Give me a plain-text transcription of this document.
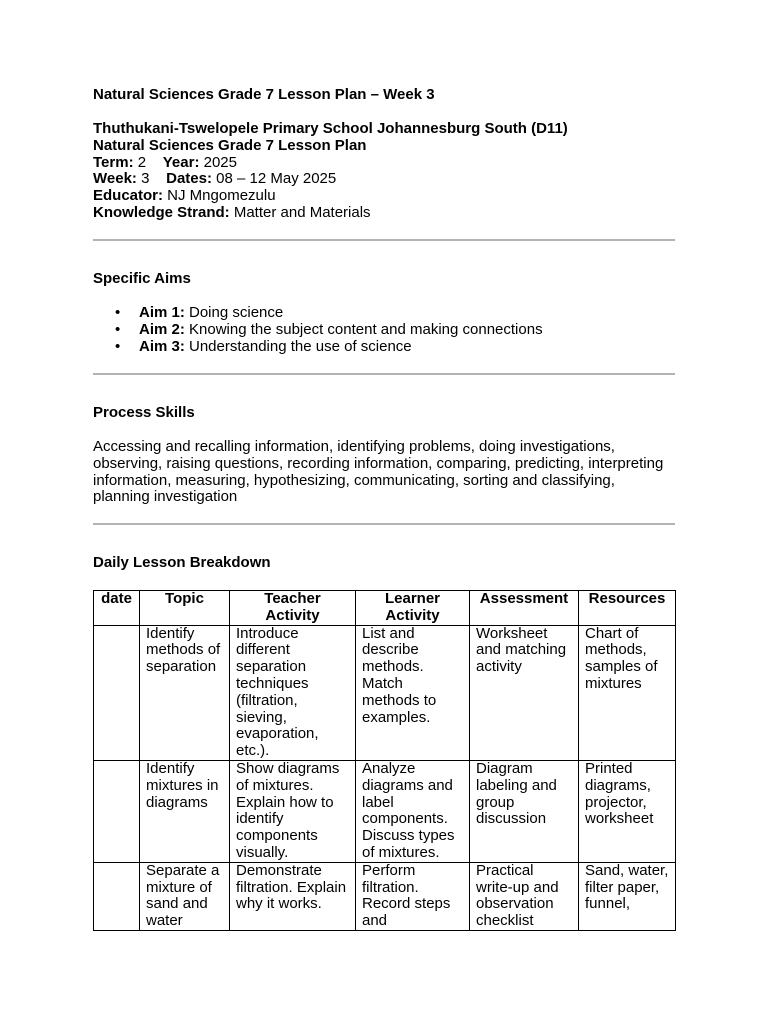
Natural Sciences Grade 7 Lesson Plan – Week 3
Thuthukani-Tswelopele Primary School Johannesburg South (D11)
Natural Sciences Grade 7 Lesson Plan
Term: 2 Year: 2025
Week: 3 Dates: 08 – 12 May 2025
Educator: NJ Mngomezulu
Knowledge Strand: Matter and Materials
Specific Aims
• Aim 1: Doing science
• Aim 2: Knowing the subject content and making connections
• Aim 3: Understanding the use of science
Process Skills
Accessing and recalling information, identifying problems, doing investigations, observing, raising questions, recording information, comparing, predicting, interpreting information, measuring, hypothesizing, communicating, sorting and classifying, planning investigation
Daily Lesson Breakdown
date	Topic	Teacher Activity	Learner Activity	Assessment	Resources
	Identify methods of separation	Introduce different separation techniques (filtration, sieving, evaporation, etc.).	List and describe methods. Match methods to examples.	Worksheet and matching activity	Chart of methods, samples of mixtures
	Identify mixtures in diagrams	Show diagrams of mixtures. Explain how to identify components visually.	Analyze diagrams and label components. Discuss types of mixtures.	Diagram labeling and group discussion	Printed diagrams, projector, worksheet

	Separate a mixture of sand and water	Demonstrate filtration. Explain why it works.	Perform filtration. Record steps and	Practical write-up and observation checklist	Sand, water, filter paper, funnel,
